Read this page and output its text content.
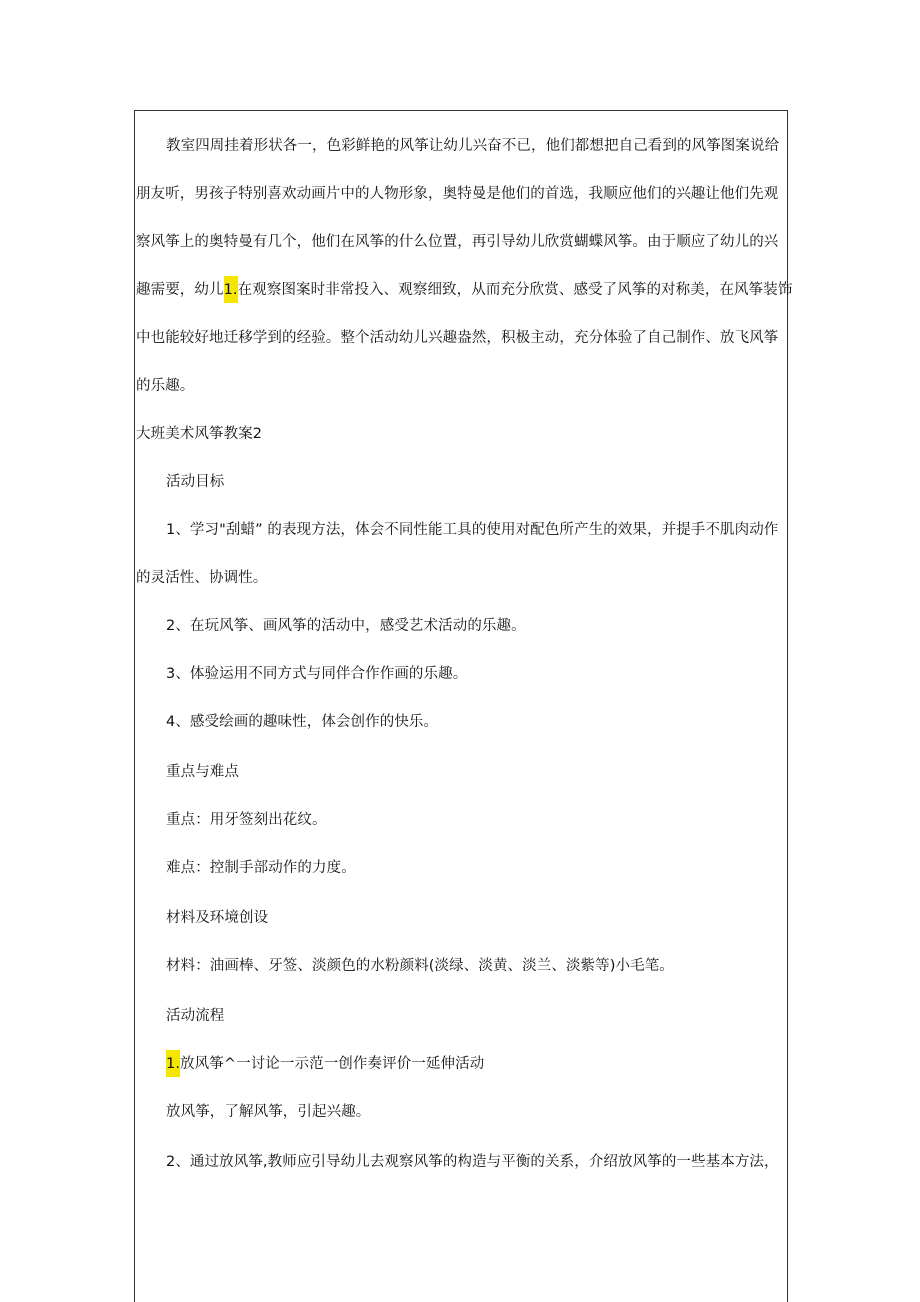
教室四周挂着形状各一，色彩鲜艳的风筝让幼儿兴奋不已，他们都想把自己看到的风筝图案说给
朋友听，男孩子特别喜欢动画片中的人物形象，奥特曼是他们的首选，我顺应他们的兴趣让他们先观
察风筝上的奥特曼有几个，他们在风筝的什么位置，再引导幼儿欣赏蝴蝶风筝。由于顺应了幼儿的兴
趣需要，幼儿1.在观察图案时非常投入、观察细致，从而充分欣赏、感受了风筝的对称美，在风筝装饰
中也能较好地迁移学到的经验。整个活动幼儿兴趣盎然，积极主动，充分体验了自己制作、放飞风筝
的乐趣。
大班美术风筝教案2
活动目标
1、学习"刮蜡” 的表现方法，体会不同性能工具的使用对配色所产生的效果，并提手不肌肉动作
的灵活性、协调性。
2、在玩风筝、画风筝的活动中，感受艺术活动的乐趣。
3、体验运用不同方式与同伴合作作画的乐趣。
4、感受绘画的趣味性，体会创作的快乐。
重点与难点
重点：用牙签刻出花纹。
难点：控制手部动作的力度。
材料及环境创设
材料：油画棒、牙签、淡颜色的水粉颜料(淡绿、淡黄、淡兰、淡紫等)小毛笔。
活动流程
1.放风筝^一讨论一示范一创作奏评价一延伸活动
放风筝，了解风筝，引起兴趣。
2、通过放风筝,教师应引导幼儿去观察风筝的构造与平衡的关系，介绍放风筝的一些基本方法，
